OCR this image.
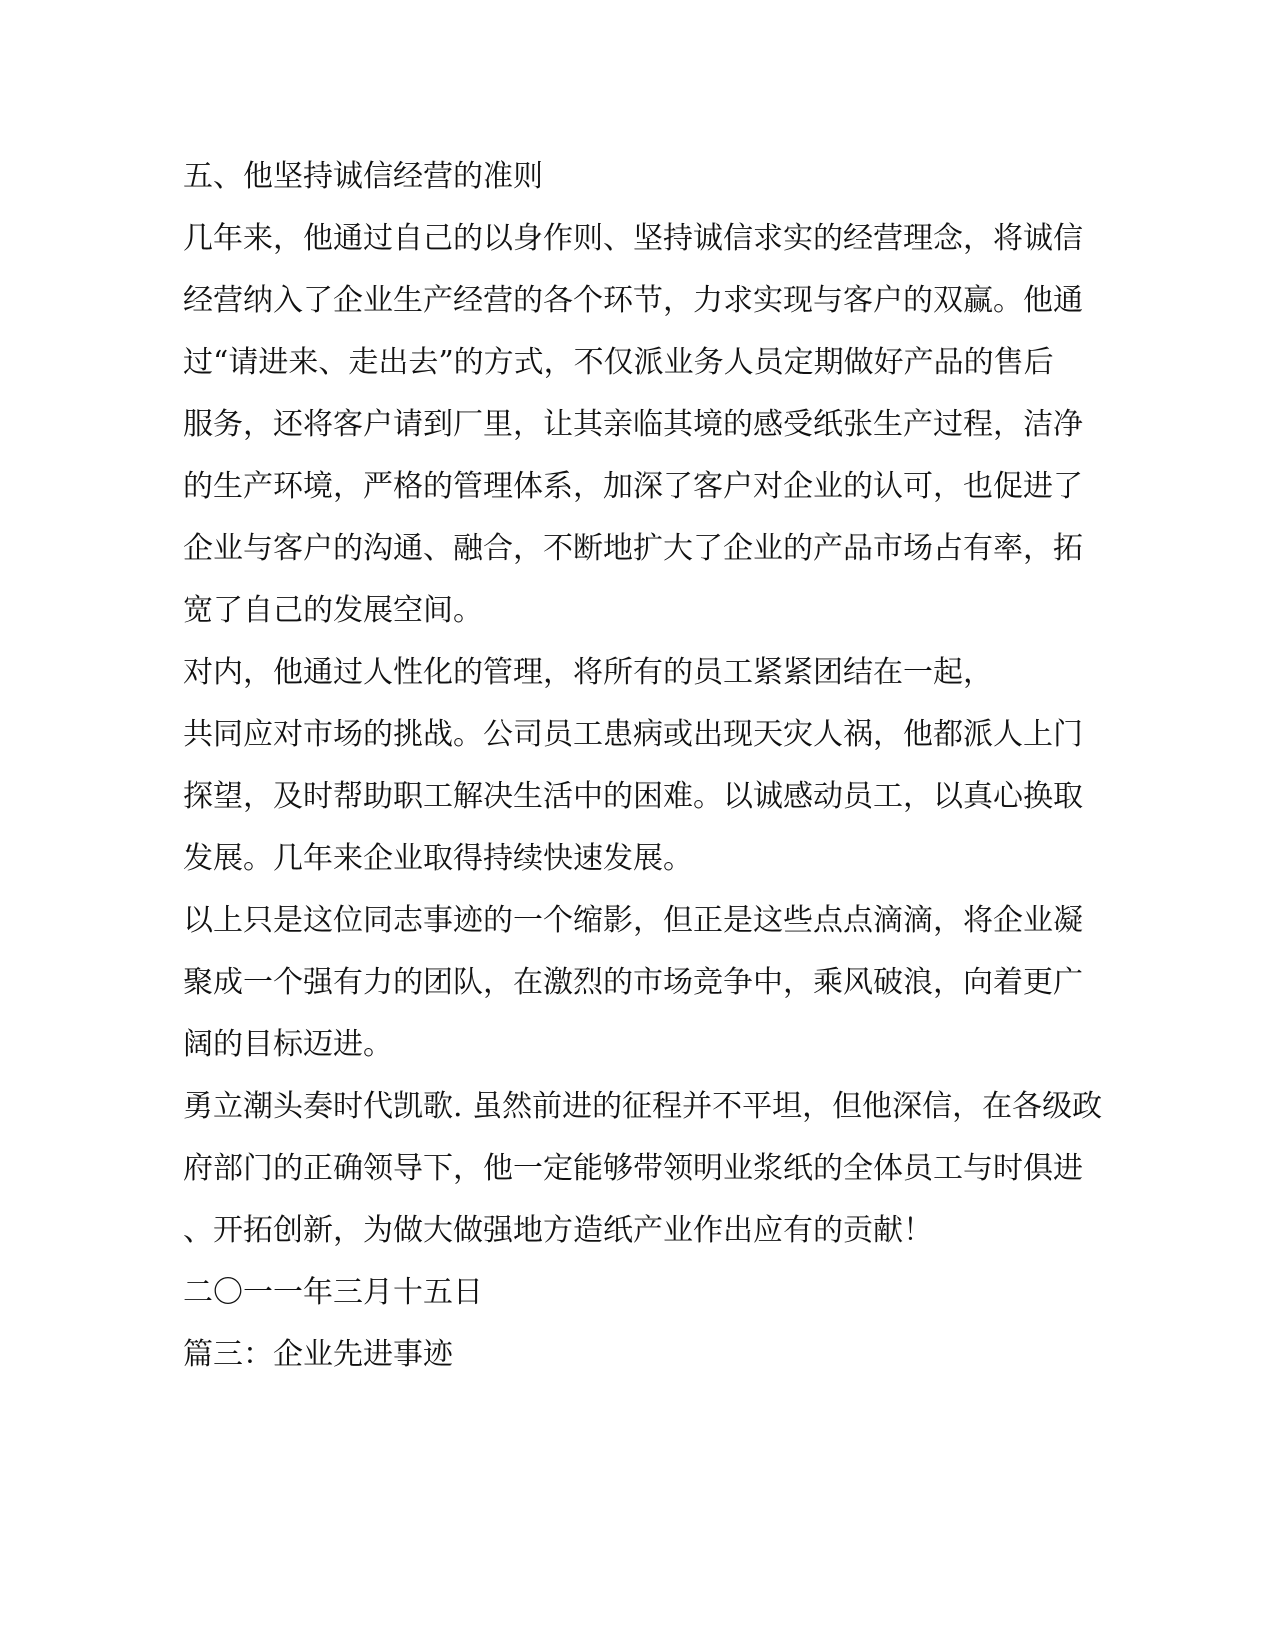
五、他坚持诚信经营的准则

几年来，他通过自己的以身作则、坚持诚信求实的经营理念，将诚信

经营纳入了企业生产经营的各个环节，力求实现与客户的双赢。他通

过“请进来、走出去”的方式，不仅派业务人员定期做好产品的售后

服务，还将客户请到厂里，让其亲临其境的感受纸张生产过程，洁净

的生产环境，严格的管理体系，加深了客户对企业的认可，也促进了

企业与客户的沟通、融合，不断地扩大了企业的产品市场占有率，拓

宽了自己的发展空间。

对内，他通过人性化的管理，将所有的员工紧紧团结在一起，

共同应对市场的挑战。公司员工患病或出现天灾人祸，他都派人上门

探望，及时帮助职工解决生活中的困难。以诚感动员工，以真心换取

发展。几年来企业取得持续快速发展。

以上只是这位同志事迹的一个缩影，但正是这些点点滴滴，将企业凝

聚成一个强有力的团队，在激烈的市场竞争中，乘风破浪，向着更广

阔的目标迈进。

勇立潮头奏时代凯歌. 虽然前进的征程并不平坦，但他深信，在各级政

府部门的正确领导下，他一定能够带领明业浆纸的全体员工与时俱进

、开拓创新，为做大做强地方造纸产业作出应有的贡献！

二〇一一年三月十五日

篇三：企业先进事迹
